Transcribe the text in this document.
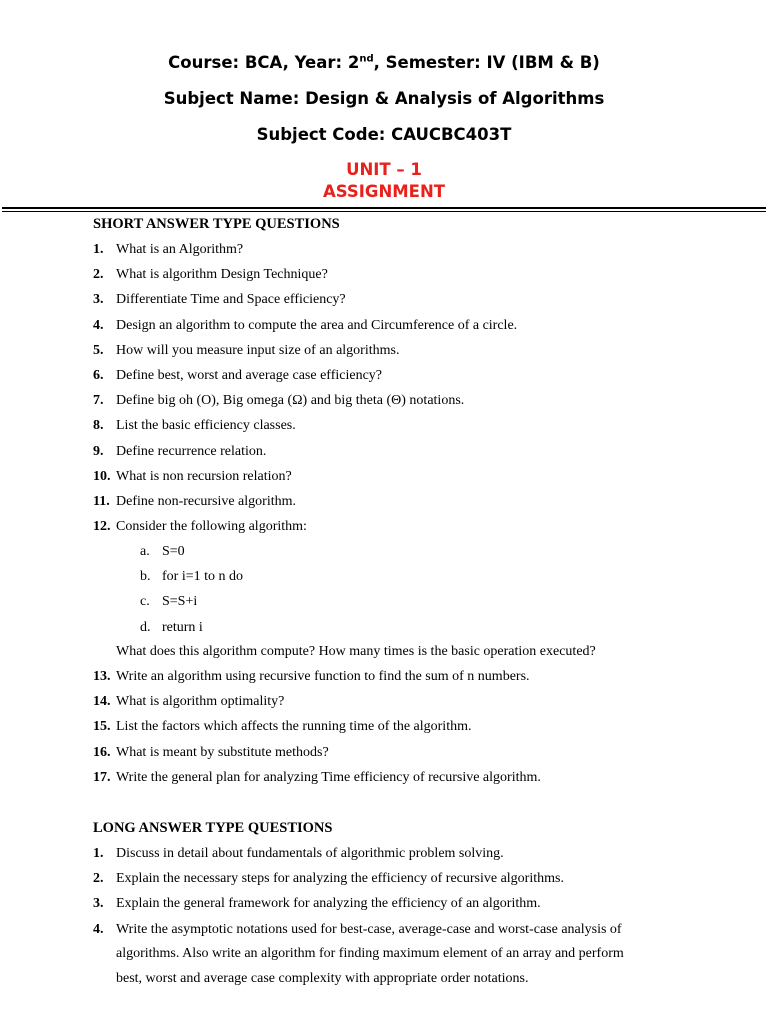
Course: BCA, Year: 2nd, Semester: IV (IBM & B)
Subject Name: Design & Analysis of Algorithms
Subject Code: CAUCBC403T
UNIT – 1
ASSIGNMENT
SHORT ANSWER TYPE QUESTIONS
1. What is an Algorithm?
2. What is algorithm Design Technique?
3. Differentiate Time and Space efficiency?
4. Design an algorithm to compute the area and Circumference of a circle.
5. How will you measure input size of an algorithms.
6. Define best, worst and average case efficiency?
7. Define big oh (O), Big omega (Ω) and big theta (Θ) notations.
8. List the basic efficiency classes.
9. Define recurrence relation.
10. What is non recursion relation?
11. Define non-recursive algorithm.
12. Consider the following algorithm:
a. S=0
b. for i=1 to n do
c. S=S+i
d. return i
What does this algorithm compute? How many times is the basic operation executed?
13. Write an algorithm using recursive function to find the sum of n numbers.
14. What is algorithm optimality?
15. List the factors which affects the running time of the algorithm.
16. What is meant by substitute methods?
17. Write the general plan for analyzing Time efficiency of recursive algorithm.
LONG ANSWER TYPE QUESTIONS
1. Discuss in detail about fundamentals of algorithmic problem solving.
2. Explain the necessary steps for analyzing the efficiency of recursive algorithms.
3. Explain the general framework for analyzing the efficiency of an algorithm.
4. Write the asymptotic notations used for best-case, average-case and worst-case analysis of
algorithms. Also write an algorithm for finding maximum element of an array and perform
best, worst and average case complexity with appropriate order notations.
